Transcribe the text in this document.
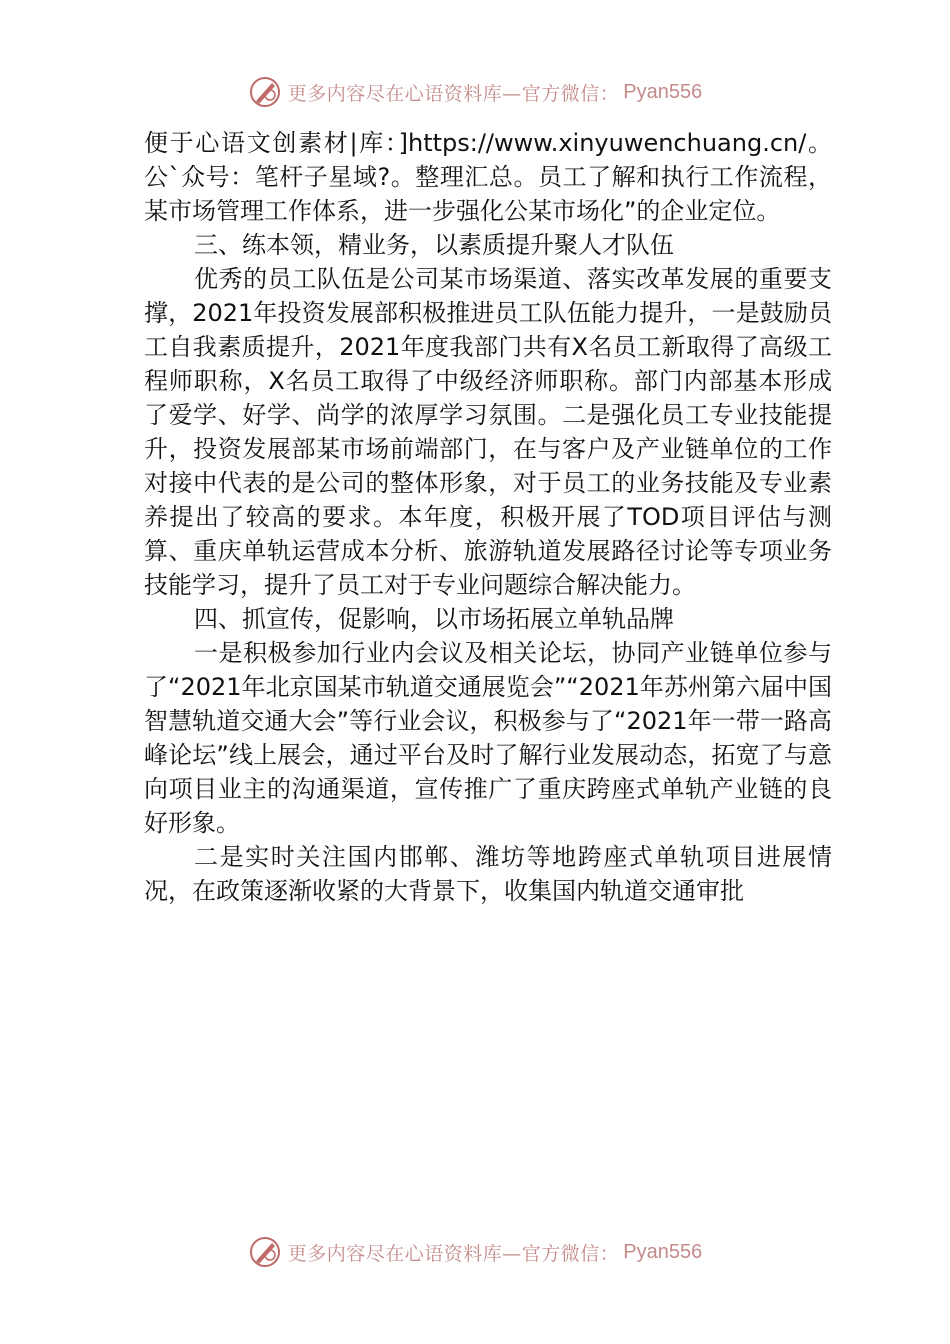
更多内容尽在心语资料库—官方微信： Pyan556

便于心语文创素材|库：]https://www.xinyuwenchuang.cn/。公`众号：笔杆子星域?。整理汇总。员工了解和执行工作流程，某市场管理工作体系，进一步强化公某市场化”的企业定位。

三、练本领，精业务，以素质提升聚人才队伍

优秀的员工队伍是公司某市场渠道、落实改革发展的重要支撑，2021年投资发展部积极推进员工队伍能力提升，一是鼓励员工自我素质提升，2021年度我部门共有X名员工新取得了高级工程师职称，X名员工取得了中级经济师职称。部门内部基本形成了爱学、好学、尚学的浓厚学习氛围。二是强化员工专业技能提升，投资发展部某市场前端部门，在与客户及产业链单位的工作对接中代表的是公司的整体形象，对于员工的业务技能及专业素养提出了较高的要求。本年度，积极开展了TOD项目评估与测算、重庆单轨运营成本分析、旅游轨道发展路径讨论等专项业务技能学习，提升了员工对于专业问题综合解决能力。

四、抓宣传，促影响，以市场拓展立单轨品牌

一是积极参加行业内会议及相关论坛，协同产业链单位参与了“2021年北京国某市轨道交通展览会”“2021年苏州第六届中国智慧轨道交通大会”等行业会议，积极参与了“2021年一带一路高峰论坛”线上展会，通过平台及时了解行业发展动态，拓宽了与意向项目业主的沟通渠道，宣传推广了重庆跨座式单轨产业链的良好形象。

二是实时关注国内邯郸、潍坊等地跨座式单轨项目进展情况，在政策逐渐收紧的大背景下，收集国内轨道交通审批

更多内容尽在心语资料库—官方微信： Pyan556
